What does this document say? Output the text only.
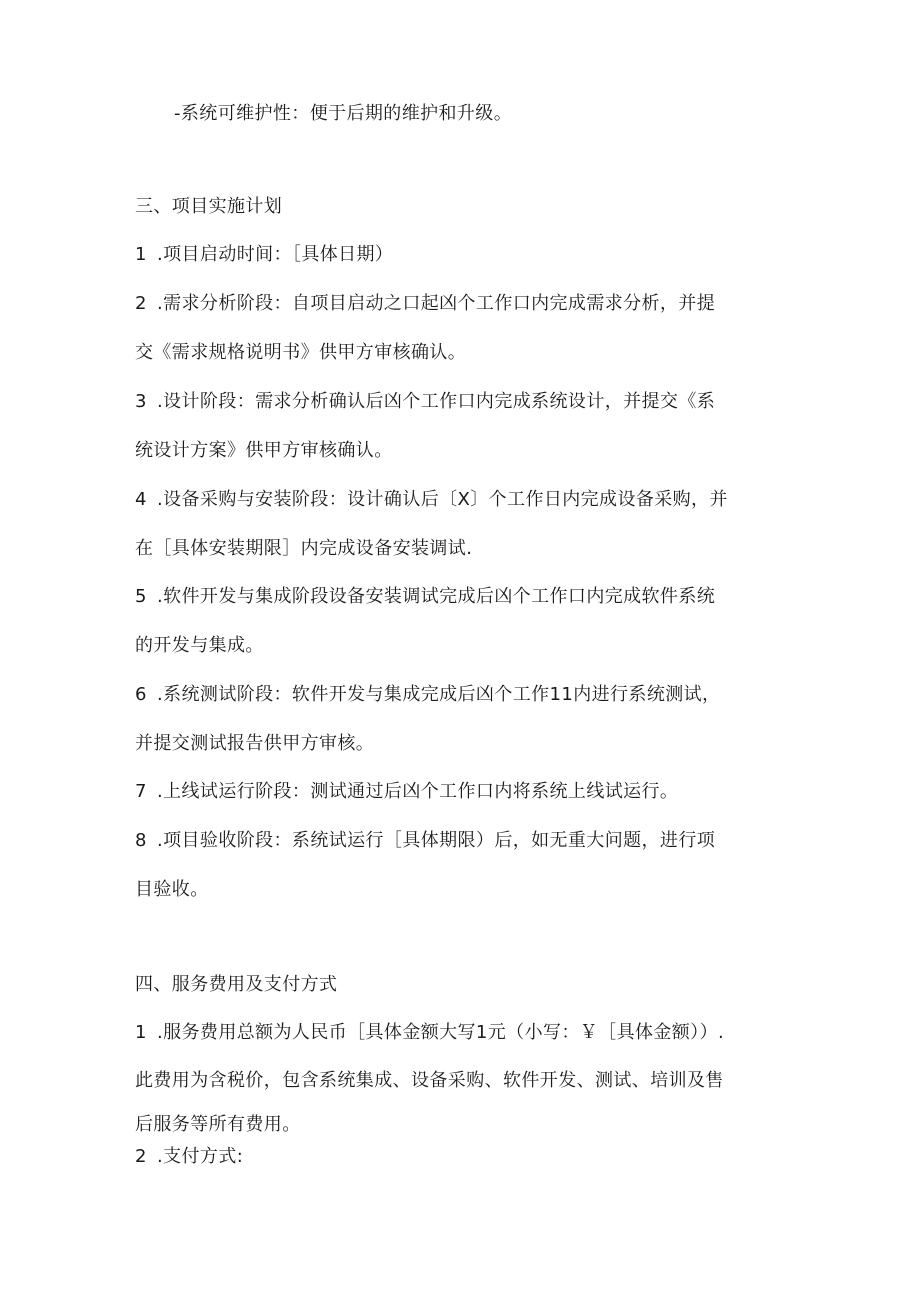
-系统可维护性：便于后期的维护和升级。
三、项目实施计划
1 .项目启动时间：［具体日期）
2 .需求分析阶段：自项目启动之口起凶个工作口内完成需求分析，并提
交《需求规格说明书》供甲方审核确认。
3 .设计阶段：需求分析确认后凶个工作口内完成系统设计，并提交《系
统设计方案》供甲方审核确认。
4 .设备采购与安装阶段：设计确认后〔X〕个工作日内完成设备采购，并
在［具体安装期限］内完成设备安装调试.
5 .软件开发与集成阶段设备安装调试完成后凶个工作口内完成软件系统
的开发与集成。
6 .系统测试阶段：软件开发与集成完成后凶个工作11内进行系统测试，
并提交测试报告供甲方审核。
7 .上线试运行阶段：测试通过后凶个工作口内将系统上线试运行。
8 .项目验收阶段：系统试运行［具体期限）后，如无重大问题，进行项
目验收。
四、服务费用及支付方式
1 .服务费用总额为人民币［具体金额大写1元（小写：￥［具体金额））.
此费用为含税价，包含系统集成、设备采购、软件开发、测试、培训及售
后服务等所有费用。
2 .支付方式:
